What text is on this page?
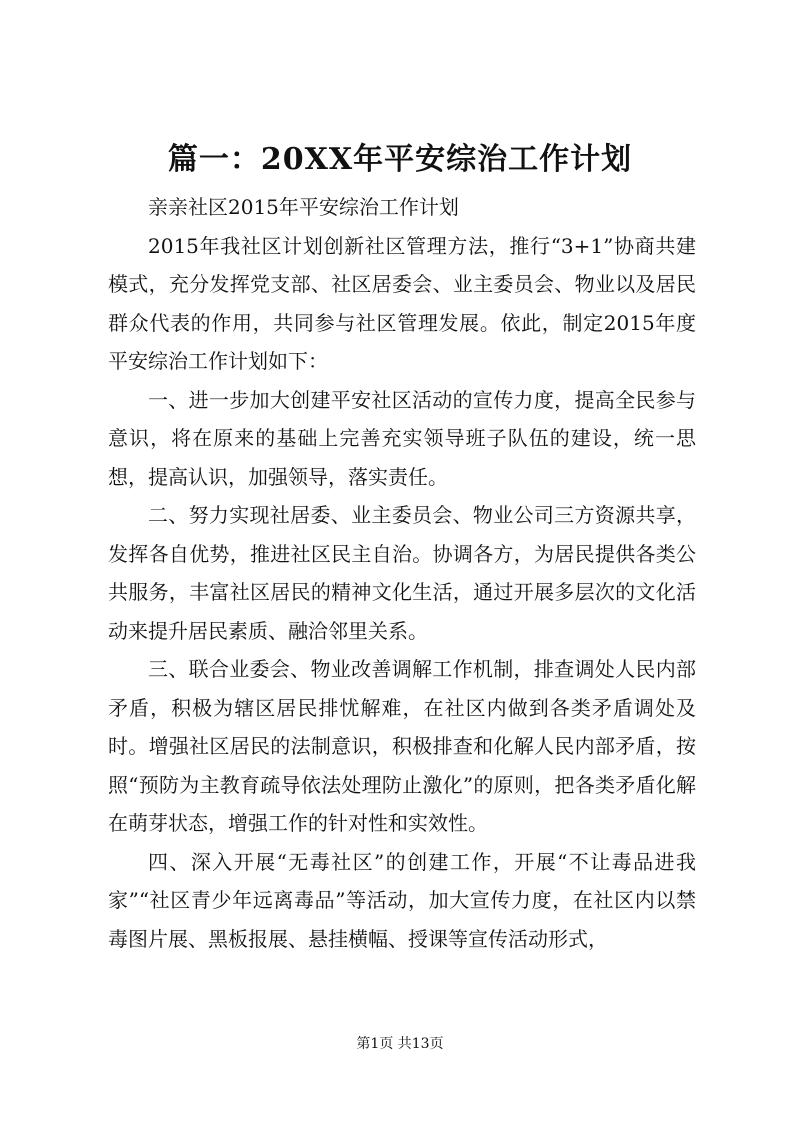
篇一：20XX年平安综治工作计划

亲亲社区2015年平安综治工作计划

2015年我社区计划创新社区管理方法，推行“3+1”协商共建模式，充分发挥党支部、社区居委会、业主委员会、物业以及居民群众代表的作用，共同参与社区管理发展。依此，制定2015年度平安综治工作计划如下：

一、进一步加大创建平安社区活动的宣传力度，提高全民参与意识，将在原来的基础上完善充实领导班子队伍的建设，统一思想，提高认识，加强领导，落实责任。

二、努力实现社居委、业主委员会、物业公司三方资源共享，发挥各自优势，推进社区民主自治。协调各方，为居民提供各类公共服务，丰富社区居民的精神文化生活，通过开展多层次的文化活动来提升居民素质、融洽邻里关系。

三、联合业委会、物业改善调解工作机制，排查调处人民内部矛盾，积极为辖区居民排忧解难，在社区内做到各类矛盾调处及时。增强社区居民的法制意识，积极排查和化解人民内部矛盾，按照“预防为主教育疏导依法处理防止激化”的原则，把各类矛盾化解在萌芽状态，增强工作的针对性和实效性。

四、深入开展“无毒社区”的创建工作，开展“不让毒品进我家”“社区青少年远离毒品”等活动，加大宣传力度，在社区内以禁毒图片展、黑板报展、悬挂横幅、授课等宣传活动形式，

第1页 共13页
